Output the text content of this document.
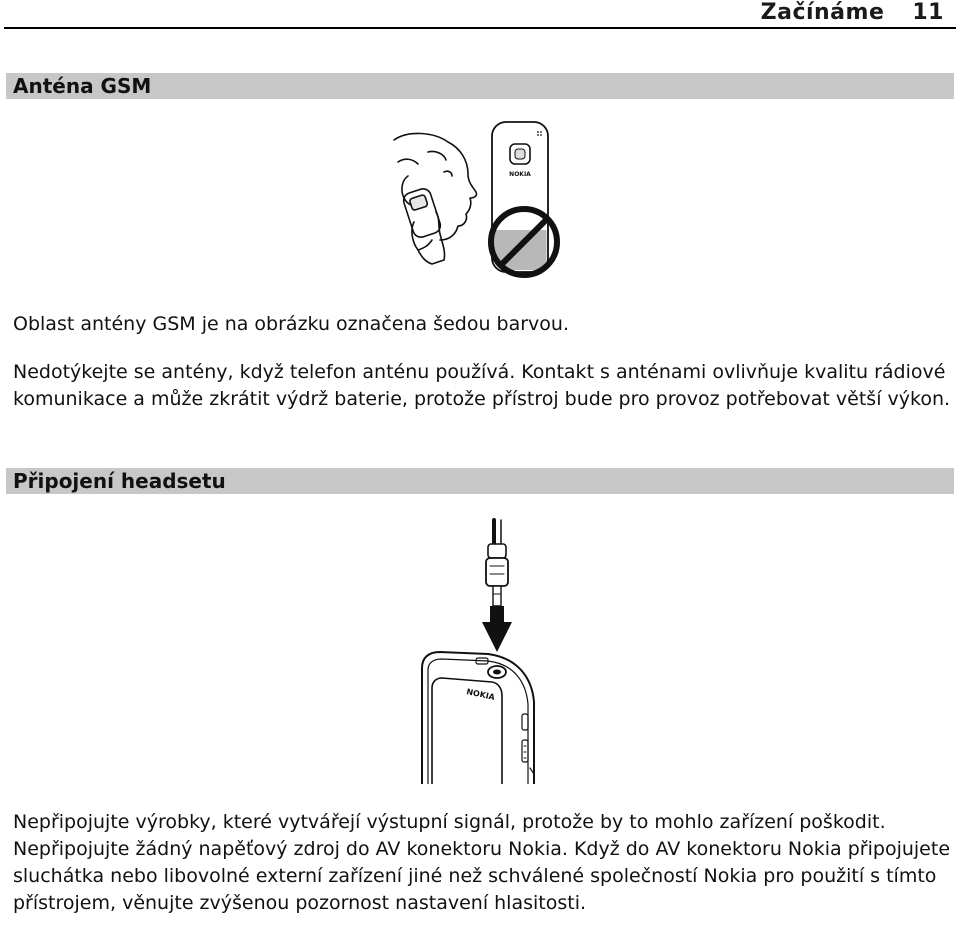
Začínáme 11
Anténa GSM
NOKIA
Oblast antény GSM je na obrázku označena šedou barvou.
Nedotýkejte se antény, když telefon anténu používá. Kontakt s anténami ovlivňuje kvalitu rádiové komunikace a může zkrátit výdrž baterie, protože přístroj bude pro provoz potřebovat větší výkon.
Připojení headsetu
NOKIA
Nepřipojujte výrobky, které vytvářejí výstupní signál, protože by to mohlo zařízení poškodit. Nepřipojujte žádný napěťový zdroj do AV konektoru Nokia. Když do AV konektoru Nokia připojujete sluchátka nebo libovolné externí zařízení jiné než schválené společností Nokia pro použití s tímto přístrojem, věnujte zvýšenou pozornost nastavení hlasitosti.
